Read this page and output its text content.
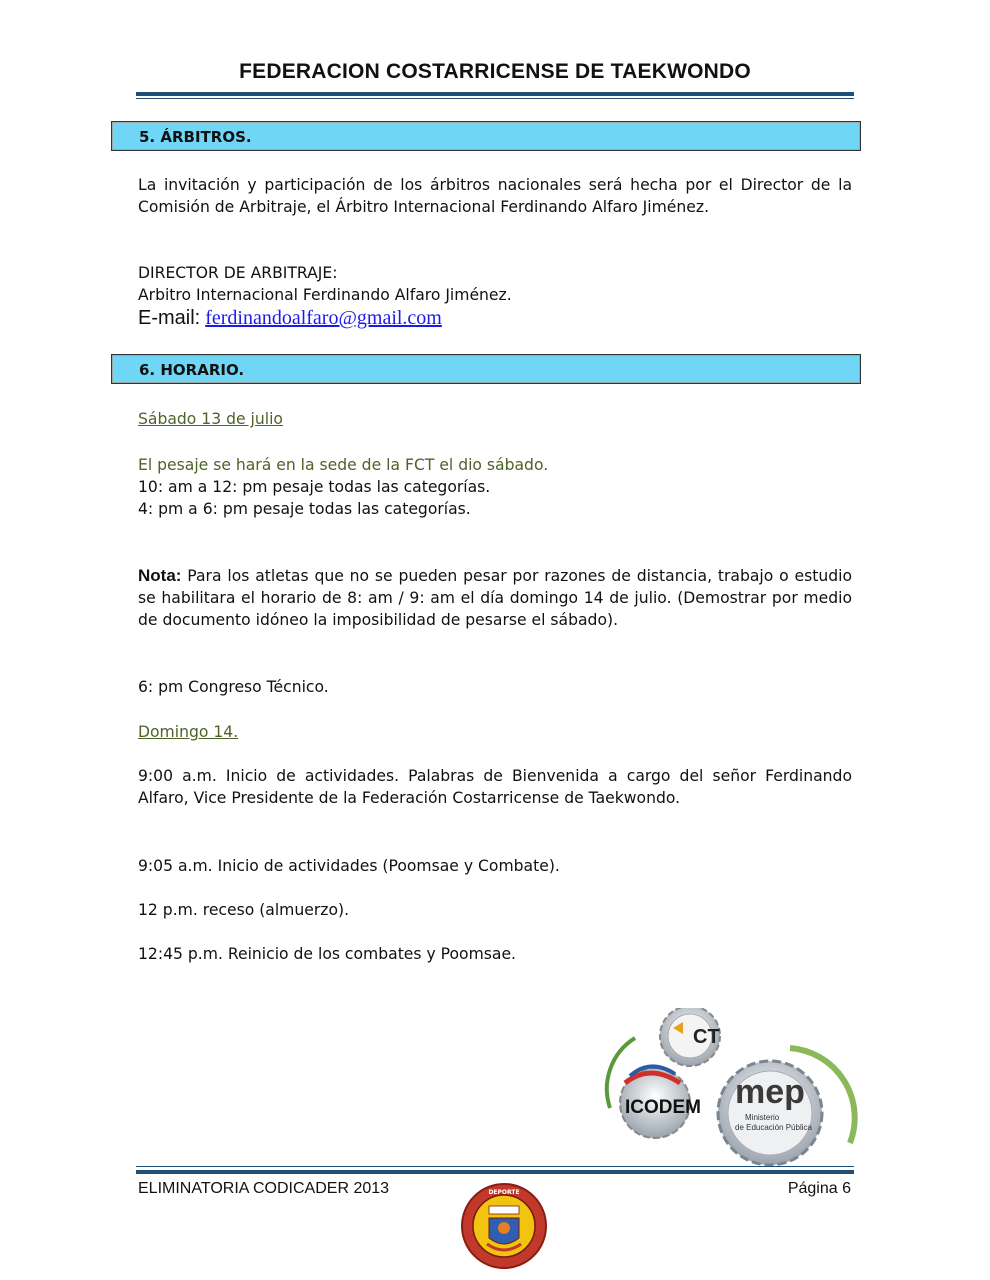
FEDERACION COSTARRICENSE DE TAEKWONDO
5. ÁRBITROS.
La invitación y participación de los árbitros nacionales será hecha por el Director de la Comisión de Arbitraje, el Árbitro Internacional Ferdinando Alfaro Jiménez.
DIRECTOR DE ARBITRAJE:
Arbitro Internacional Ferdinando Alfaro Jiménez.
E-mail: ferdinandoalfaro@gmail.com
6. HORARIO.
Sábado 13 de julio
El pesaje se hará en la sede de la FCT el dio sábado.
10: am a 12: pm pesaje todas las categorías.
4: pm a 6: pm pesaje todas las categorías.
Nota: Para los atletas que no se pueden pesar por razones de distancia, trabajo o estudio se habilitara el horario de 8: am / 9: am el día domingo 14 de julio. (Demostrar por medio de documento idóneo la imposibilidad de pesarse el sábado).
6: pm Congreso Técnico.
Domingo 14.
9:00 a.m. Inicio de actividades. Palabras de Bienvenida a cargo del señor Ferdinando Alfaro, Vice Presidente de la Federación Costarricense de Taekwondo.
9:05 a.m. Inicio de actividades (Poomsae y Combate).
12 p.m. receso (almuerzo).
12:45 p.m. Reinicio de los combates y Poomsae.
CT
ICODEM mep
Ministerio
de Educación Pública
ELIMINATORIA CODICADER 2013	Página 6
DEPORTE
